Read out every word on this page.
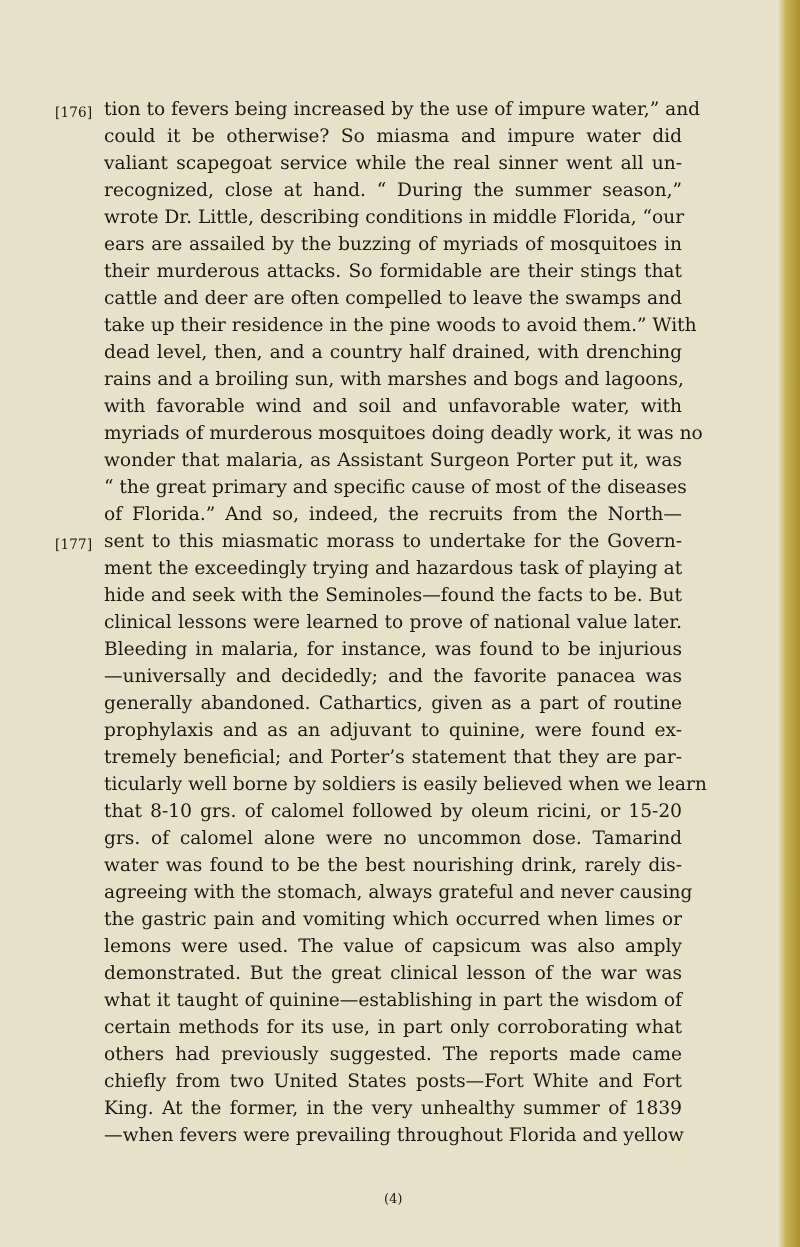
[176] tion to fevers being increased by the use of impure water,” and
could it be otherwise? So miasma and impure water did
valiant scapegoat service while the real sinner went all un-
recognized, close at hand. “ During the summer season,”
wrote Dr. Little, describing conditions in middle Florida, “our
ears are assailed by the buzzing of myriads of mosquitoes in
their murderous attacks. So formidable are their stings that
cattle and deer are often compelled to leave the swamps and
take up their residence in the pine woods to avoid them.” With
dead level, then, and a country half drained, with drenching
rains and a broiling sun, with marshes and bogs and lagoons,
with favorable wind and soil and unfavorable water, with
myriads of murderous mosquitoes doing deadly work, it was no
wonder that malaria, as Assistant Surgeon Porter put it, was
“ the great primary and specific cause of most of the diseases
of Florida.” And so, indeed, the recruits from the North—
[177] sent to this miasmatic morass to undertake for the Govern-
ment the exceedingly trying and hazardous task of playing at
hide and seek with the Seminoles—found the facts to be. But
clinical lessons were learned to prove of national value later.
Bleeding in malaria, for instance, was found to be injurious
—universally and decidedly; and the favorite panacea was
generally abandoned. Cathartics, given as a part of routine
prophylaxis and as an adjuvant to quinine, were found ex-
tremely beneficial; and Porter’s statement that they are par-
ticularly well borne by soldiers is easily believed when we learn
that 8-10 grs. of calomel followed by oleum ricini, or 15-20
grs. of calomel alone were no uncommon dose. Tamarind
water was found to be the best nourishing drink, rarely dis-
agreeing with the stomach, always grateful and never causing
the gastric pain and vomiting which occurred when limes or
lemons were used. The value of capsicum was also amply
demonstrated. But the great clinical lesson of the war was
what it taught of quinine—establishing in part the wisdom of
certain methods for its use, in part only corroborating what
others had previously suggested. The reports made came
chiefly from two United States posts—Fort White and Fort
King. At the former, in the very unhealthy summer of 1839
—when fevers were prevailing throughout Florida and yellow
(4)
